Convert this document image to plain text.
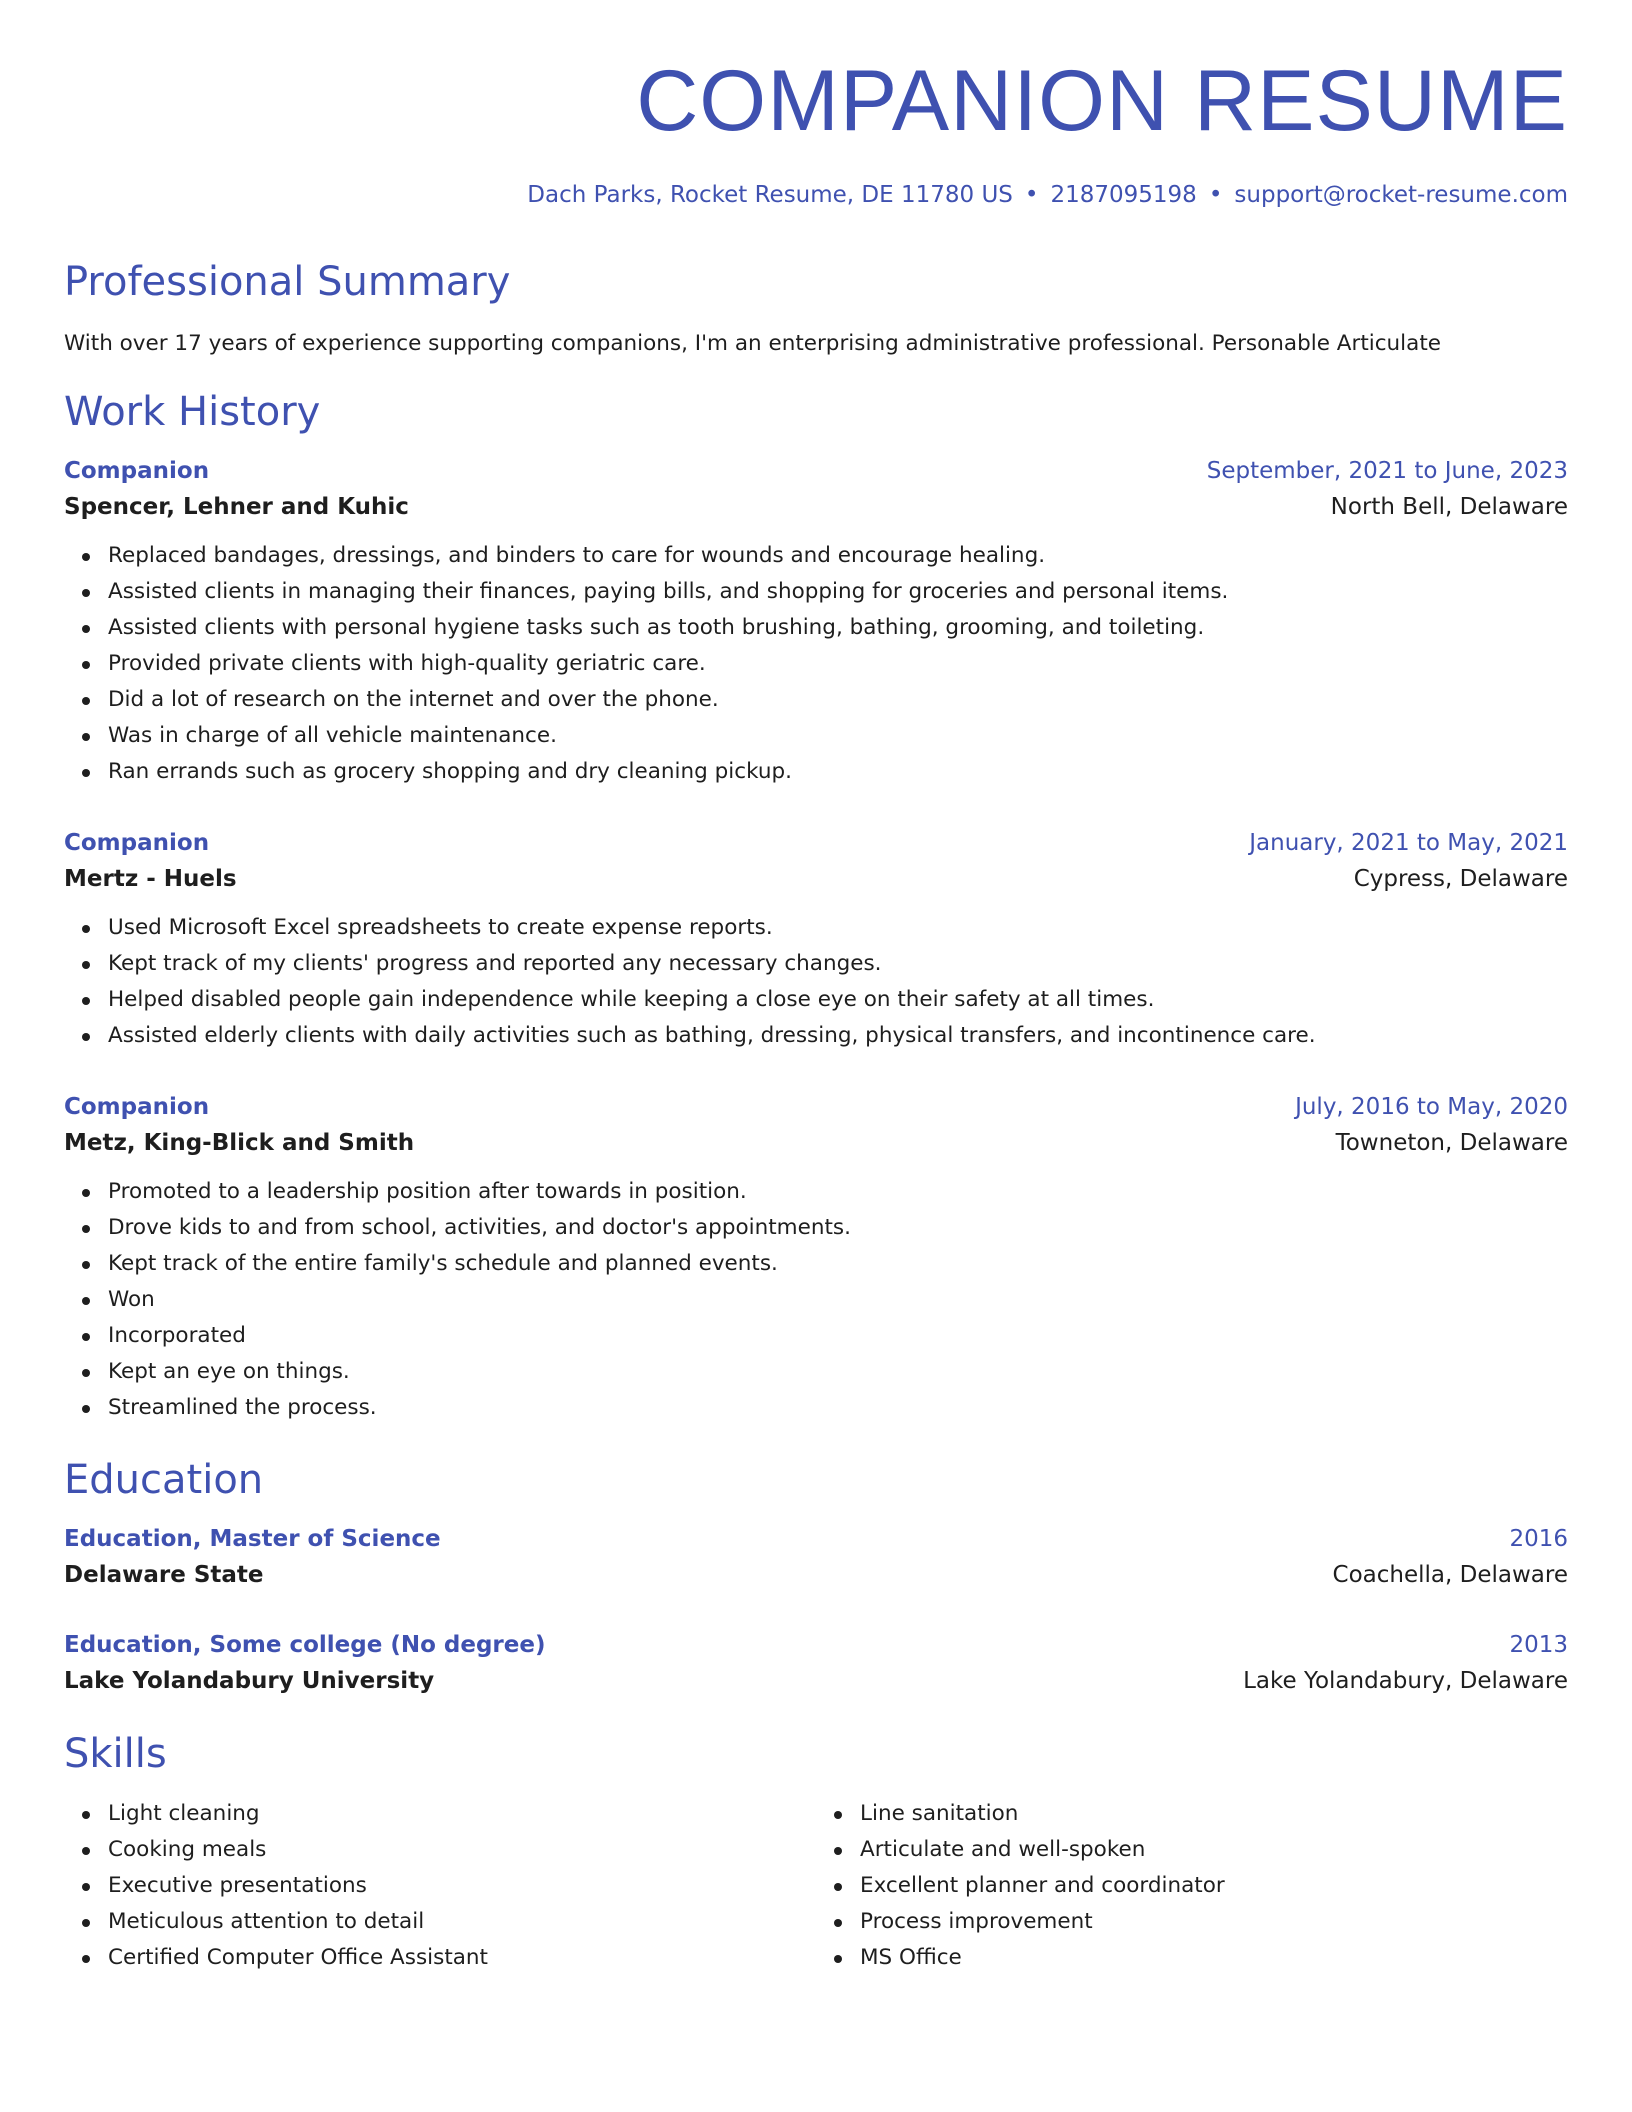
COMPANION RESUME
Dach Parks, Rocket Resume, DE 11780 US • 2187095198 • support@rocket-resume.com
Professional Summary

With over 17 years of experience supporting companions, I'm an enterprising administrative professional. Personable Articulate

Work History
Companion	September, 2021 to June, 2023
Spencer, Lehner and Kuhic	North Bell, Delaware
Replaced bandages, dressings, and binders to care for wounds and encourage healing.
Assisted clients in managing their finances, paying bills, and shopping for groceries and personal items.
Assisted clients with personal hygiene tasks such as tooth brushing, bathing, grooming, and toileting.
Provided private clients with high-quality geriatric care.
Did a lot of research on the internet and over the phone.
Was in charge of all vehicle maintenance.
Ran errands such as grocery shopping and dry cleaning pickup.
Companion	January, 2021 to May, 2021
Mertz - Huels	Cypress, Delaware
Used Microsoft Excel spreadsheets to create expense reports.
Kept track of my clients' progress and reported any necessary changes.
Helped disabled people gain independence while keeping a close eye on their safety at all times.
Assisted elderly clients with daily activities such as bathing, dressing, physical transfers, and incontinence care.
Companion	July, 2016 to May, 2020
Metz, King-Blick and Smith	Towneton, Delaware
Promoted to a leadership position after towards in position.
Drove kids to and from school, activities, and doctor's appointments.
Kept track of the entire family's schedule and planned events.
Won
Incorporated
Kept an eye on things.
Streamlined the process.
Education
Education, Master of Science	2016
Delaware State	Coachella, Delaware
Education, Some college (No degree)	2013
Lake Yolandabury University	Lake Yolandabury, Delaware
Skills
Light cleaning
Cooking meals
Executive presentations
Meticulous attention to detail
Certified Computer Office Assistant
Line sanitation
Articulate and well-spoken
Excellent planner and coordinator
Process improvement
MS Office
